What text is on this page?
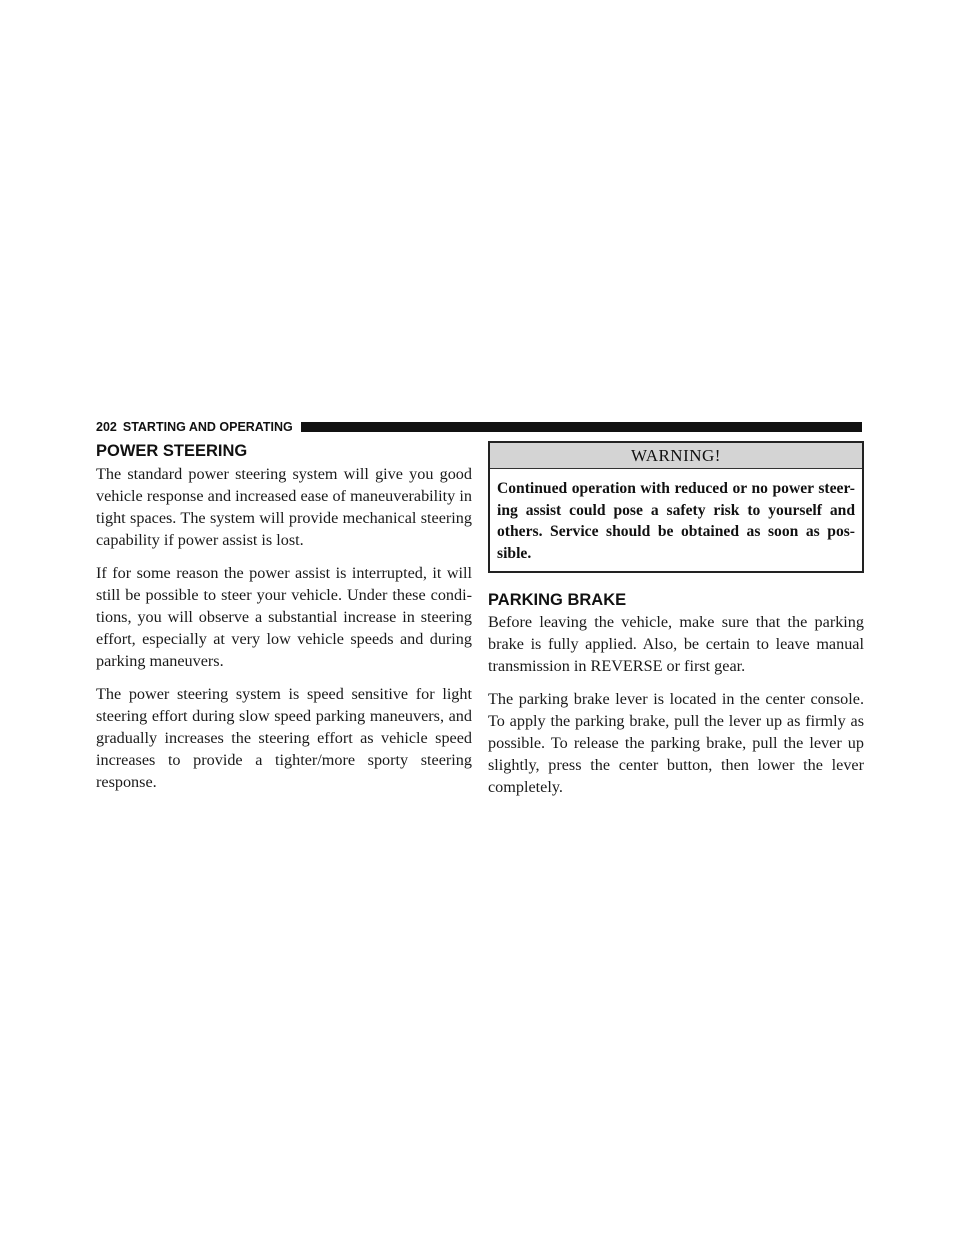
202 STARTING AND OPERATING
POWER STEERING

The standard power steering system will give you good vehicle response and increased ease of maneuverability in tight spaces. The system will provide mechanical steering capability if power assist is lost.

If for some reason the power assist is interrupted, it will still be possible to steer your vehicle. Under these condi-tions, you will observe a substantial increase in steering effort, especially at very low vehicle speeds and during parking maneuvers.

The power steering system is speed sensitive for light steering effort during slow speed parking maneuvers, and gradually increases the steering effort as vehicle speed increases to provide a tighter/more sporty steering response.

WARNING!
Continued operation with reduced or no power steer-ing assist could pose a safety risk to yourself and others. Service should be obtained as soon as pos-sible.
PARKING BRAKE

Before leaving the vehicle, make sure that the parking brake is fully applied. Also, be certain to leave manual transmission in REVERSE or first gear.

The parking brake lever is located in the center console. To apply the parking brake, pull the lever up as firmly as possible. To release the parking brake, pull the lever up slightly, press the center button, then lower the lever completely.
